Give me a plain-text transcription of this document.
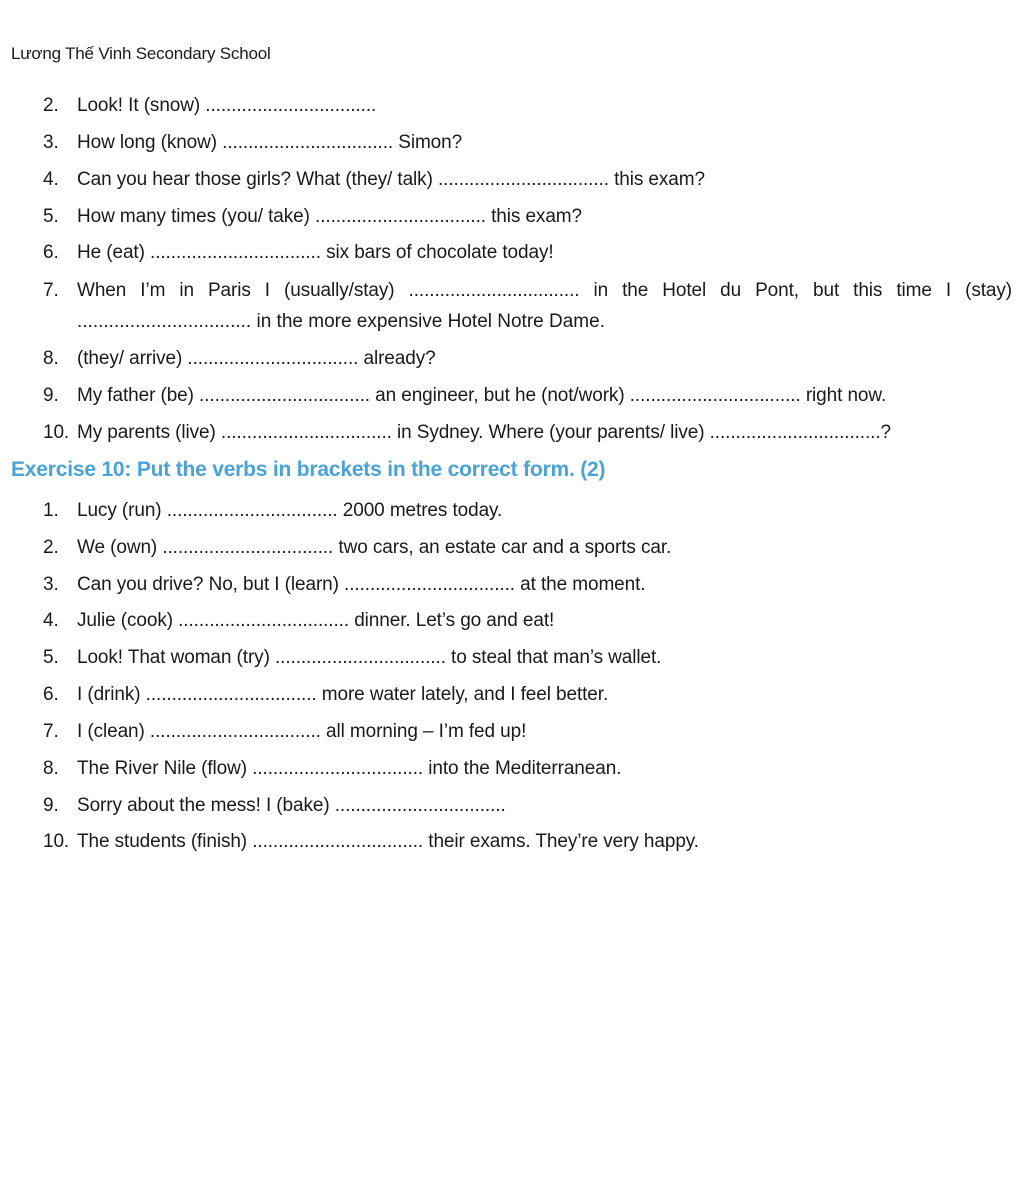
Lương Thế Vinh Secondary School
2. Look! It (snow) .................................
3. How long (know) ................................. Simon?
4. Can you hear those girls? What (they/ talk) ................................. this exam?
5. How many times (you/ take) ................................. this exam?
6. He (eat) ................................. six bars of chocolate today!
7. When I’m in Paris I (usually/stay) ................................. in the Hotel du Pont, but this time I (stay)
................................. in the more expensive Hotel Notre Dame.
8. (they/ arrive) ................................. already?
9. My father (be) ................................. an engineer, but he (not/work) ................................. right now.
10. My parents (live) ................................. in Sydney. Where (your parents/ live) .................................?
Exercise 10: Put the verbs in brackets in the correct form. (2)
1. Lucy (run) ................................. 2000 metres today.
2. We (own) ................................. two cars, an estate car and a sports car.
3. Can you drive? No, but I (learn) ................................. at the moment.
4. Julie (cook) ................................. dinner. Let’s go and eat!
5. Look! That woman (try) ................................. to steal that man’s wallet.
6. I (drink) ................................. more water lately, and I feel better.
7. I (clean) ................................. all morning – I’m fed up!
8. The River Nile (flow) ................................. into the Mediterranean.
9. Sorry about the mess! I (bake) .................................
10. The students (finish) ................................. their exams. They’re very happy.
